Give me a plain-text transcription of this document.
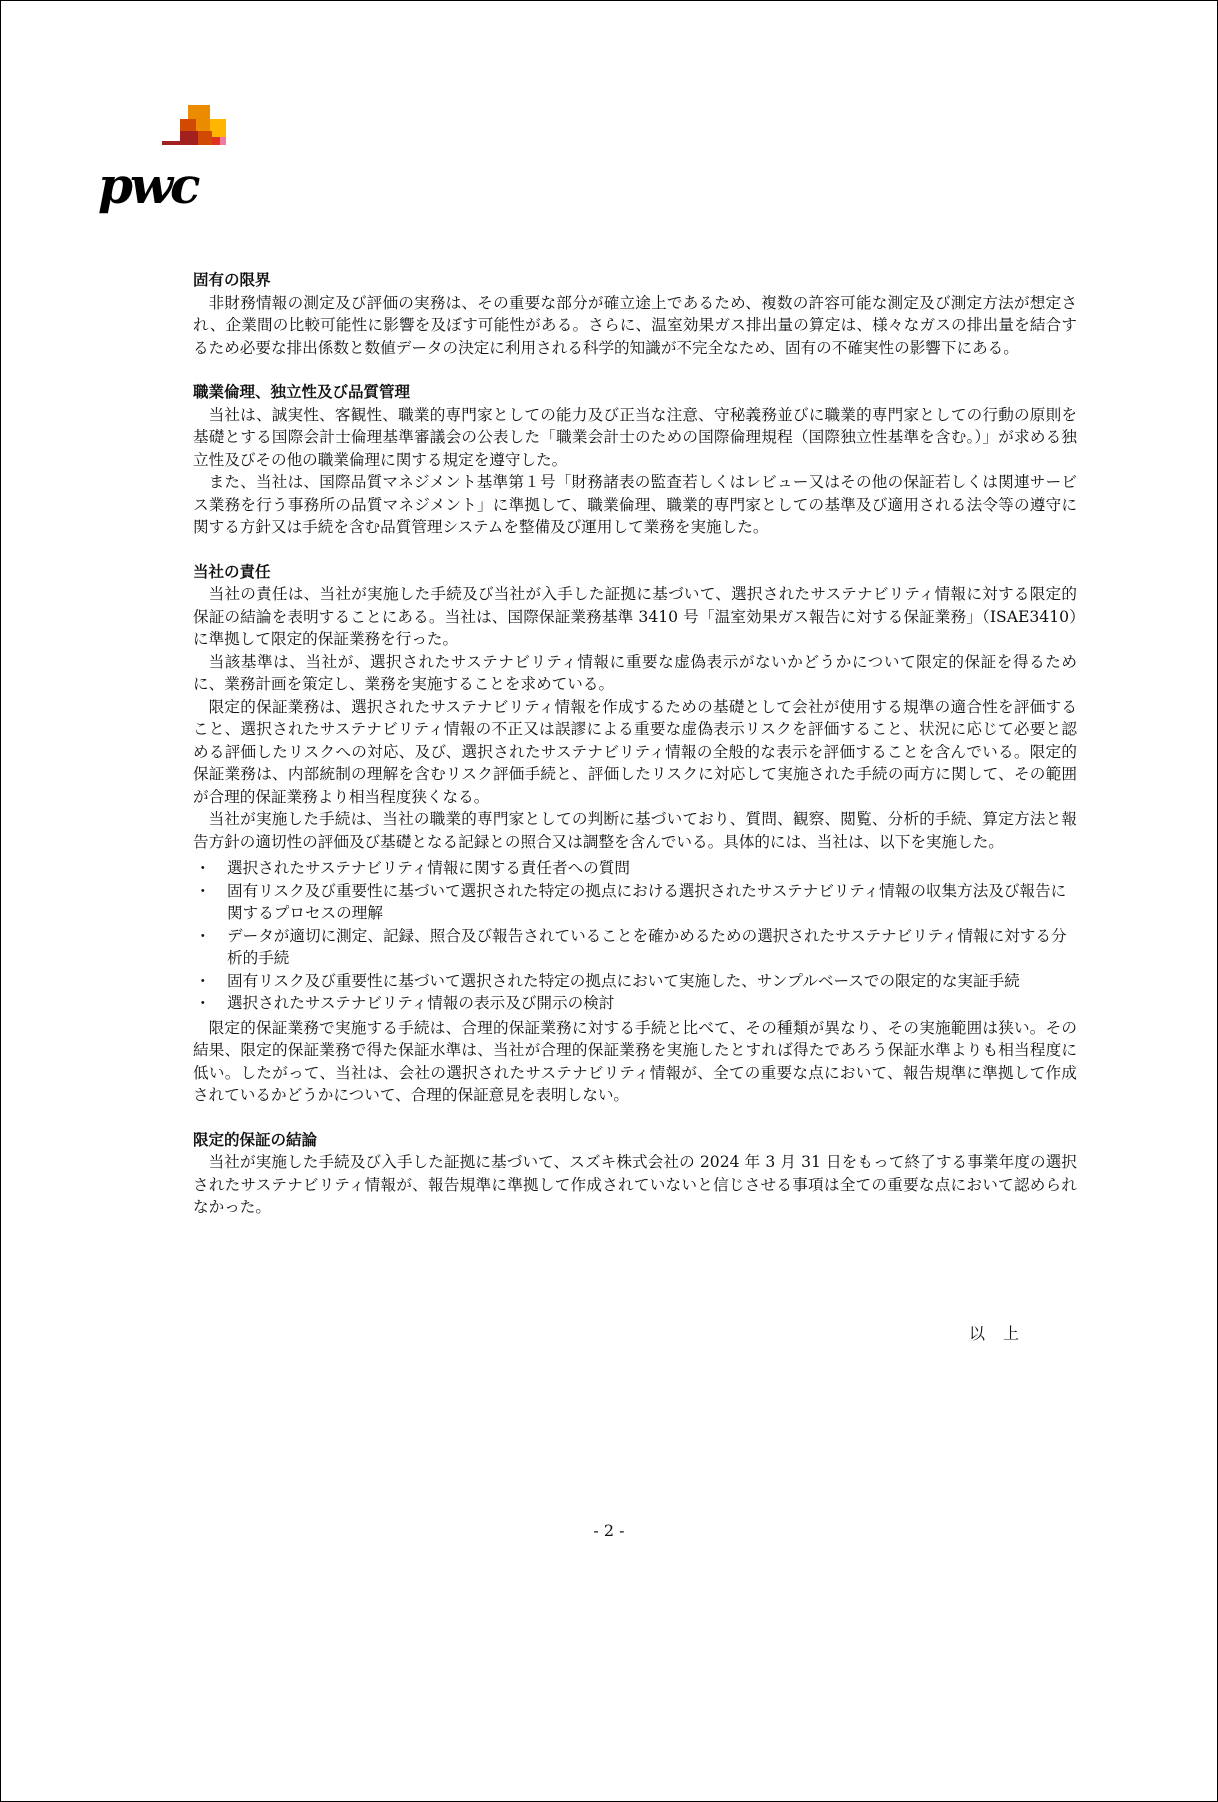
pwc
固有の限界

非財務情報の測定及び評価の実務は、その重要な部分が確立途上であるため、複数の許容可能な測定及び測定方法が想定され、企業間の比較可能性に影響を及ぼす可能性がある。さらに、温室効果ガス排出量の算定は、様々なガスの排出量を結合するため必要な排出係数と数値データの決定に利用される科学的知識が不完全なため、固有の不確実性の影響下にある。

職業倫理、独立性及び品質管理

当社は、誠実性、客観性、職業的専門家としての能力及び正当な注意、守秘義務並びに職業的専門家としての行動の原則を基礎とする国際会計士倫理基準審議会の公表した「職業会計士のための国際倫理規程（国際独立性基準を含む。）」が求める独立性及びその他の職業倫理に関する規定を遵守した。

また、当社は、国際品質マネジメント基準第１号「財務諸表の監査若しくはレビュー又はその他の保証若しくは関連サービス業務を行う事務所の品質マネジメント」に準拠して、職業倫理、職業的専門家としての基準及び適用される法令等の遵守に関する方針又は手続を含む品質管理システムを整備及び運用して業務を実施した。

当社の責任

当社の責任は、当社が実施した手続及び当社が入手した証拠に基づいて、選択されたサステナビリティ情報に対する限定的保証の結論を表明することにある。当社は、国際保証業務基準 3410 号「温室効果ガス報告に対する保証業務」（ISAE3410）に準拠して限定的保証業務を行った。

当該基準は、当社が、選択されたサステナビリティ情報に重要な虚偽表示がないかどうかについて限定的保証を得るために、業務計画を策定し、業務を実施することを求めている。

限定的保証業務は、選択されたサステナビリティ情報を作成するための基礎として会社が使用する規準の適合性を評価すること、選択されたサステナビリティ情報の不正又は誤謬による重要な虚偽表示リスクを評価すること、状況に応じて必要と認める評価したリスクへの対応、及び、選択されたサステナビリティ情報の全般的な表示を評価することを含んでいる。限定的保証業務は、内部統制の理解を含むリスク評価手続と、評価したリスクに対応して実施された手続の両方に関して、その範囲が合理的保証業務より相当程度狭くなる。

当社が実施した手続は、当社の職業的専門家としての判断に基づいており、質問、観察、閲覧、分析的手続、算定方法と報告方針の適切性の評価及び基礎となる記録との照合又は調整を含んでいる。具体的には、当社は、以下を実施した。

・ 選択されたサステナビリティ情報に関する責任者への質問
・ 固有リスク及び重要性に基づいて選択された特定の拠点における選択されたサステナビリティ情報の収集方法及び報告に関するプロセスの理解
・ データが適切に測定、記録、照合及び報告されていることを確かめるための選択されたサステナビリティ情報に対する分析的手続
・ 固有リスク及び重要性に基づいて選択された特定の拠点において実施した、サンプルベースでの限定的な実証手続
・ 選択されたサステナビリティ情報の表示及び開示の検討

限定的保証業務で実施する手続は、合理的保証業務に対する手続と比べて、その種類が異なり、その実施範囲は狭い。その結果、限定的保証業務で得た保証水準は、当社が合理的保証業務を実施したとすれば得たであろう保証水準よりも相当程度に低い。したがって、当社は、会社の選択されたサステナビリティ情報が、全ての重要な点において、報告規準に準拠して作成されているかどうかについて、合理的保証意見を表明しない。

限定的保証の結論

当社が実施した手続及び入手した証拠に基づいて、スズキ株式会社の 2024 年 3 月 31 日をもって終了する事業年度の選択されたサステナビリティ情報が、報告規準に準拠して作成されていないと信じさせる事項は全ての重要な点において認められなかった。

以上
- 2 -
